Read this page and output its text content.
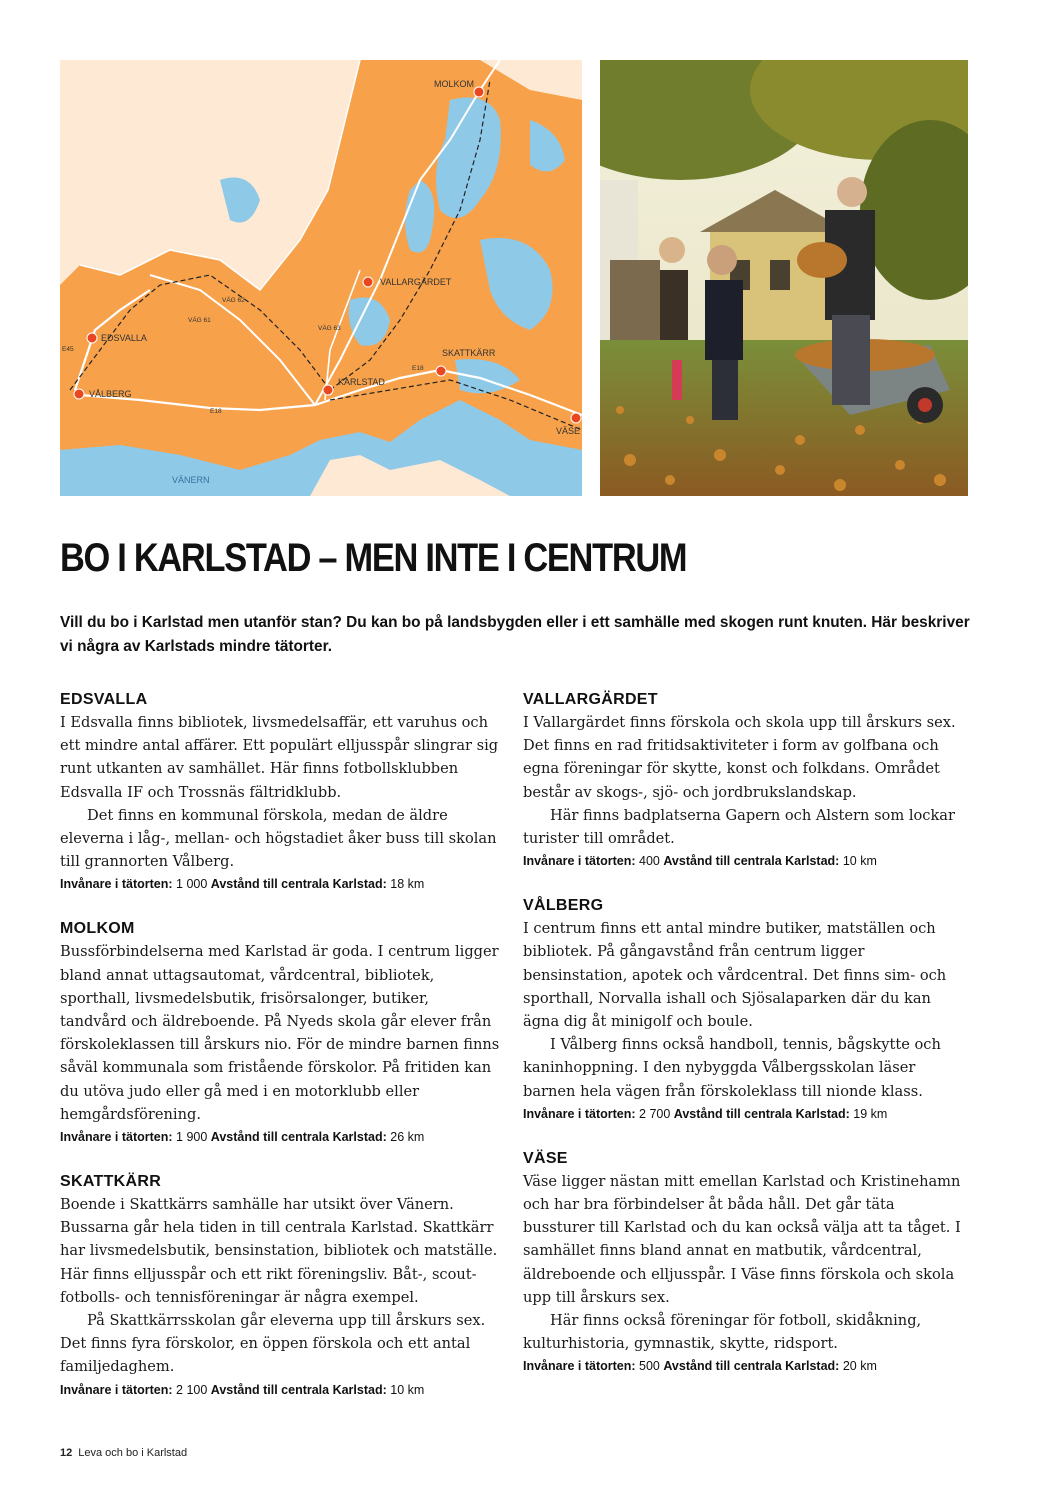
MOLKOM
VALLARGÄRDET
EDSVALLA
SKATTKÄRR
KARLSTAD
VÅLBERG
VÄSE
VÄG 62
VÄG 61
VÄG 63
E45
E18
E18
VÄNERN
BO I KARLSTAD – MEN INTE I CENTRUM

Vill du bo i Karlstad men utanför stan? Du kan bo på landsbygden eller i ett samhälle med skogen runt knuten. Här beskriver vi några av Karlstads mindre tätorter.

EDSVALLA

I Edsvalla finns bibliotek, livsmedelsaffär, ett varuhus och ett mindre antal affärer. Ett populärt elljusspår slingrar sig runt utkanten av samhället. Här finns fotbollsklubben Edsvalla IF och Trossnäs fältridklubb.

Det finns en kommunal förskola, medan de äldre eleverna i låg-, mellan- och högstadiet åker buss till skolan till grannorten Vålberg.

Invånare i tätorten: 1 000 Avstånd till centrala Karlstad: 18 km
MOLKOM

Bussförbindelserna med Karlstad är goda. I centrum ligger bland annat uttagsautomat, vårdcentral, bibliotek, sporthall, livsmedelsbutik, frisörsalonger, butiker, tandvård och äldreboende. På Nyeds skola går elever från förskoleklassen till årskurs nio. För de mindre barnen finns såväl kommunala som fristående förskolor. På fritiden kan du utöva judo eller gå med i en motorklubb eller hemgårdsförening.

Invånare i tätorten: 1 900 Avstånd till centrala Karlstad: 26 km
SKATTKÄRR

Boende i Skattkärrs samhälle har utsikt över Vänern. Bussarna går hela tiden in till centrala Karlstad. Skattkärr har livsmedelsbutik, bensinstation, bibliotek och matställe. Här finns elljusspår och ett rikt föreningsliv. Båt-, scout-fotbolls- och tennisföreningar är några exempel.

På Skattkärrsskolan går eleverna upp till årskurs sex. Det finns fyra förskolor, en öppen förskola och ett antal familjedaghem.

Invånare i tätorten: 2 100 Avstånd till centrala Karlstad: 10 km
VALLARGÄRDET

I Vallargärdet finns förskola och skola upp till årskurs sex. Det finns en rad fritidsaktiviteter i form av golfbana och egna föreningar för skytte, konst och folkdans. Området består av skogs-, sjö- och jordbrukslandskap.

Här finns badplatserna Gapern och Alstern som lockar turister till området.

Invånare i tätorten: 400 Avstånd till centrala Karlstad: 10 km
VÅLBERG

I centrum finns ett antal mindre butiker, matställen och bibliotek. På gångavstånd från centrum ligger bensinstation, apotek och vårdcentral. Det finns sim- och sporthall, Norvalla ishall och Sjösalaparken där du kan ägna dig åt minigolf och boule.

I Vålberg finns också handboll, tennis, bågskytte och kaninhoppning. I den nybyggda Vålbergsskolan läser barnen hela vägen från förskoleklass till nionde klass.

Invånare i tätorten: 2 700 Avstånd till centrala Karlstad: 19 km
VÄSE

Väse ligger nästan mitt emellan Karlstad och Kristinehamn och har bra förbindelser åt båda håll. Det går täta bussturer till Karlstad och du kan också välja att ta tåget. I samhället finns bland annat en matbutik, vårdcentral, äldreboende och elljusspår. I Väse finns förskola och skola upp till årskurs sex.

Här finns också föreningar för fotboll, skidåkning, kulturhistoria, gymnastik, skytte, ridsport.

Invånare i tätorten: 500 Avstånd till centrala Karlstad: 20 km
12 Leva och bo i Karlstad
